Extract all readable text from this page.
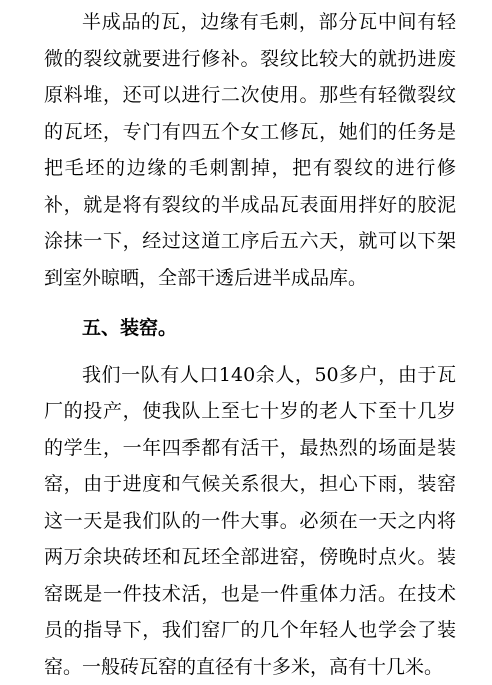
半成品的瓦，边缘有毛刺，部分瓦中间有轻微的裂纹就要进行修补。裂纹比较大的就扔进废原料堆，还可以进行二次使用。那些有轻微裂纹的瓦坯，专门有四五个女工修瓦，她们的任务是把毛坯的边缘的毛刺割掉，把有裂纹的进行修补，就是将有裂纹的半成品瓦表面用拌好的胶泥涂抹一下，经过这道工序后五六天，就可以下架到室外晾晒，全部干透后进半成品库。

五、装窑。

我们一队有人口140余人，50多户，由于瓦厂的投产，使我队上至七十岁的老人下至十几岁的学生，一年四季都有活干，最热烈的场面是装窑，由于进度和气候关系很大，担心下雨，装窑这一天是我们队的一件大事。必须在一天之内将两万余块砖坯和瓦坯全部进窑，傍晚时点火。装窑既是一件技术活，也是一件重体力活。在技术员的指导下，我们窑厂的几个年轻人也学会了装窑。一般砖瓦窑的直径有十多米，高有十几米。
